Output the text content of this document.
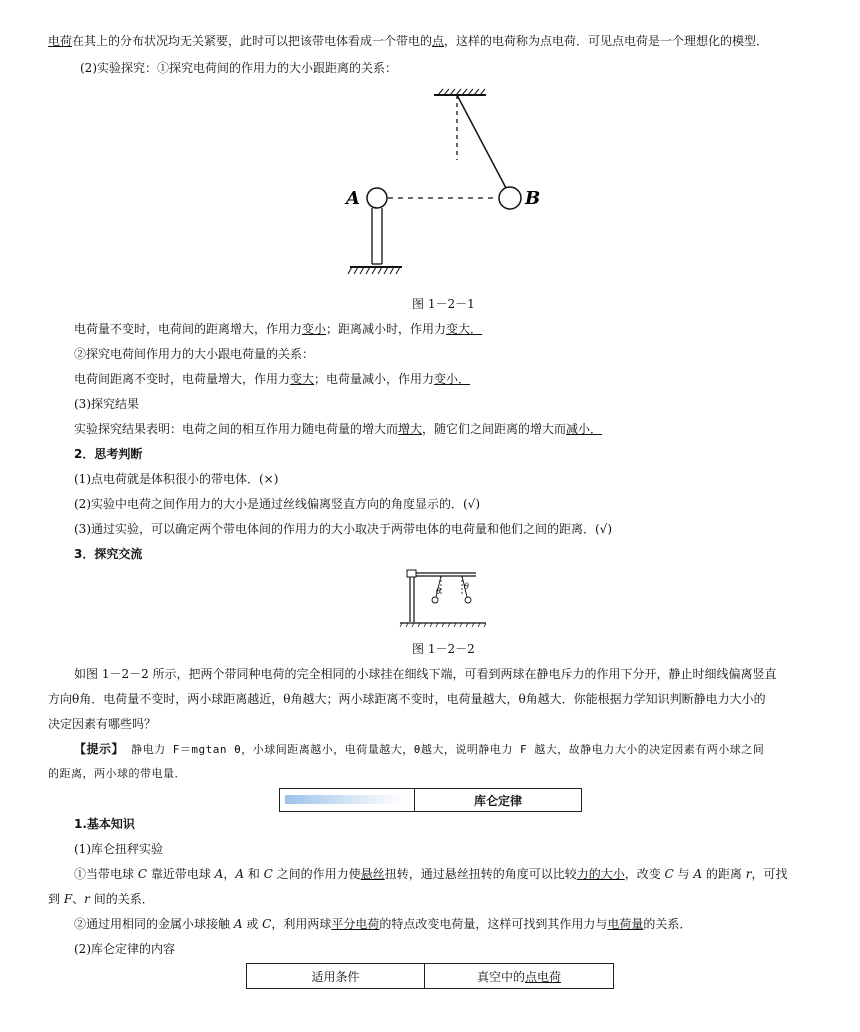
电荷在其上的分布状况均无关紧要，此时可以把该带电体看成一个带电的点，这样的电荷称为点电荷．可见点电荷是一个理想化的模型．
(2)实验探究：①探究电荷间的作用力的大小跟距离的关系：
A	B
图 1－2－1
电荷量不变时，电荷间的距离增大，作用力变小；距离减小时，作用力变大．
②探究电荷间作用力的大小跟电荷量的关系：
电荷间距离不变时，电荷量增大，作用力变大；电荷量减小，作用力变小．
(3)探究结果
实验探究结果表明：电荷之间的相互作用力随电荷量的增大而增大，随它们之间距离的增大而减小．
2．思考判断
(1)点电荷就是体积很小的带电体．(×)
(2)实验中电荷之间作用力的大小是通过丝线偏离竖直方向的角度显示的．(√)
(3)通过实验，可以确定两个带电体间的作用力的大小取决于两带电体的电荷量和他们之间的距离．(√)
3．探究交流
θ
θ
图 1－2－2
如图 1－2－2 所示，把两个带同种电荷的完全相同的小球挂在细线下端，可看到两球在静电斥力的作用下分开，静止时细线偏离竖直
方向θ角．电荷量不变时，两小球距离越近，θ角越大；两小球距离不变时，电荷量越大，θ角越大．你能根据力学知识判断静电力大小的
决定因素有哪些吗？
【提示】 静电力 F＝mgtan θ，小球间距离越小，电荷量越大，θ越大，说明静电力 F 越大，故静电力大小的决定因素有两小球之间
的距离，两小球的带电量．
	库仑定律
1.基本知识
(1)库仑扭秤实验
①当带电球 C 靠近带电球 A，A 和 C 之间的作用力使悬丝扭转，通过悬丝扭转的角度可以比较力的大小，改变 C 与 A 的距离 r，可找
到 F、r 间的关系．
②通过用相同的金属小球接触 A 或 C，利用两球平分电荷的特点改变电荷量，这样可找到其作用力与电荷量的关系．
(2)库仑定律的内容
适用条件	真空中的点电荷
